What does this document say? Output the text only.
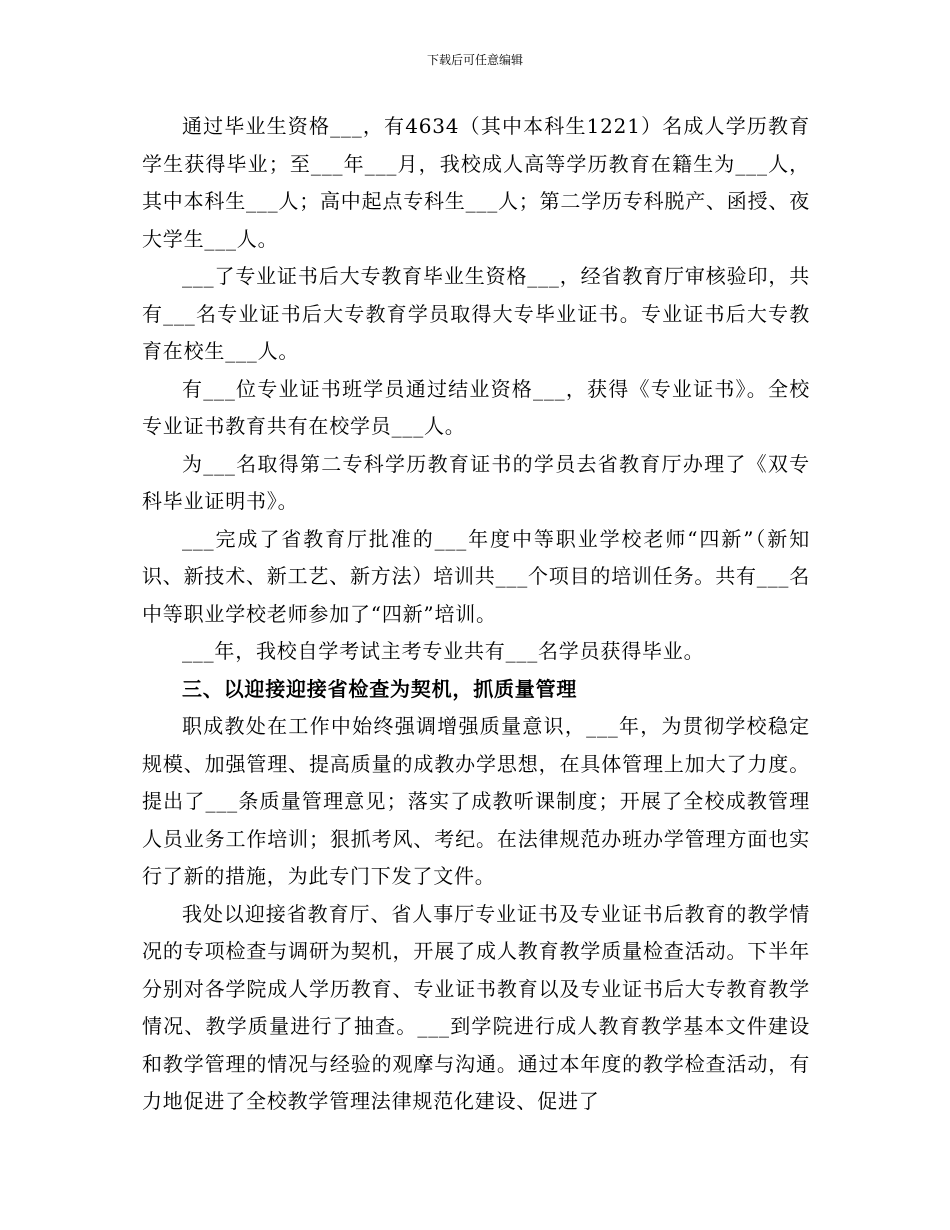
下载后可任意编辑

通过毕业生资格___，有4634（其中本科生1221）名成人学历教育学生获得毕业；至___年___月，我校成人高等学历教育在籍生为___人，其中本科生___人；高中起点专科生___人；第二学历专科脱产、函授、夜大学生___人。

___了专业证书后大专教育毕业生资格___，经省教育厅审核验印，共有___名专业证书后大专教育学员取得大专毕业证书。专业证书后大专教育在校生___人。

有___位专业证书班学员通过结业资格___，获得《专业证书》。全校专业证书教育共有在校学员___人。

为___名取得第二专科学历教育证书的学员去省教育厅办理了《双专科毕业证明书》。

___完成了省教育厅批准的___年度中等职业学校老师“四新”（新知识、新技术、新工艺、新方法）培训共___个项目的培训任务。共有___名中等职业学校老师参加了“四新”培训。

___年，我校自学考试主考专业共有___名学员获得毕业。

三、以迎接迎接省检查为契机，抓质量管理

职成教处在工作中始终强调增强质量意识，___年，为贯彻学校稳定规模、加强管理、提高质量的成教办学思想，在具体管理上加大了力度。提出了___条质量管理意见；落实了成教听课制度；开展了全校成教管理人员业务工作培训；狠抓考风、考纪。在法律规范办班办学管理方面也实行了新的措施，为此专门下发了文件。

我处以迎接省教育厅、省人事厅专业证书及专业证书后教育的教学情况的专项检查与调研为契机，开展了成人教育教学质量检查活动。下半年分别对各学院成人学历教育、专业证书教育以及专业证书后大专教育教学情况、教学质量进行了抽查。___到学院进行成人教育教学基本文件建设和教学管理的情况与经验的观摩与沟通。通过本年度的教学检查活动，有力地促进了全校教学管理法律规范化建设、促进了
